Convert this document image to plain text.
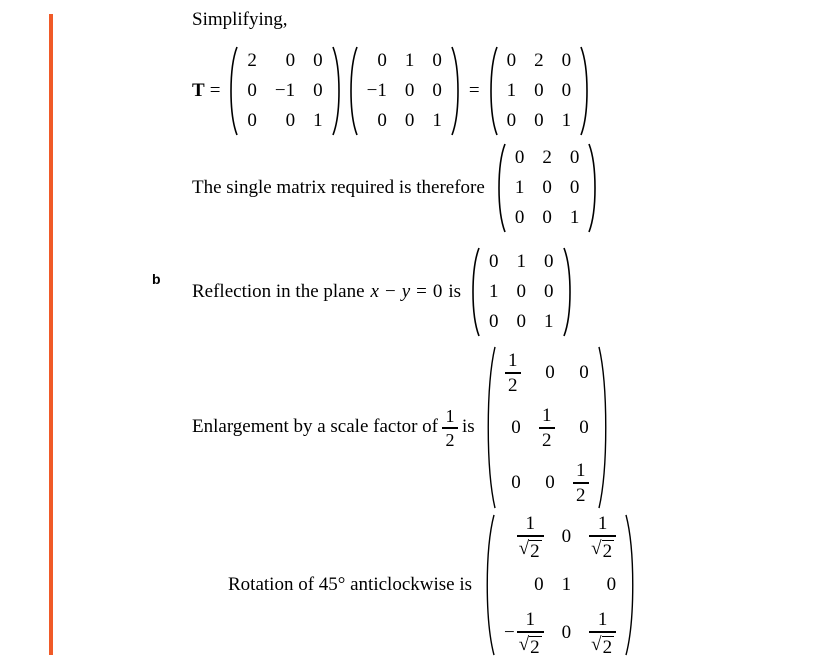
Simplifying,
T =
2	0 0
0 −1 0
0	0 1
0 1 0
−1 0 0
0 0 1
=
0 2 0
1 0 0
0 0 1
The single matrix required is therefore
0 2 0
1 0 0
0 0 1
b
Reflection in the plane x − y = 0 is
0 1 0
1 0 0
0 0 1
Enlargement by a scale factor of $\frac{1}{2}$ is
$\frac{1}{2}$	0	0
$0 \frac{1}{2}$	0
0	$0 \frac{1}{2}$
Rotation of 45° anticlockwise is
$\frac{1}{√ 2} 0 \frac{1}{√ 2}$
0 1	0
− $\frac{1}{√ 2} 0 \frac{1}{√ 2}$
